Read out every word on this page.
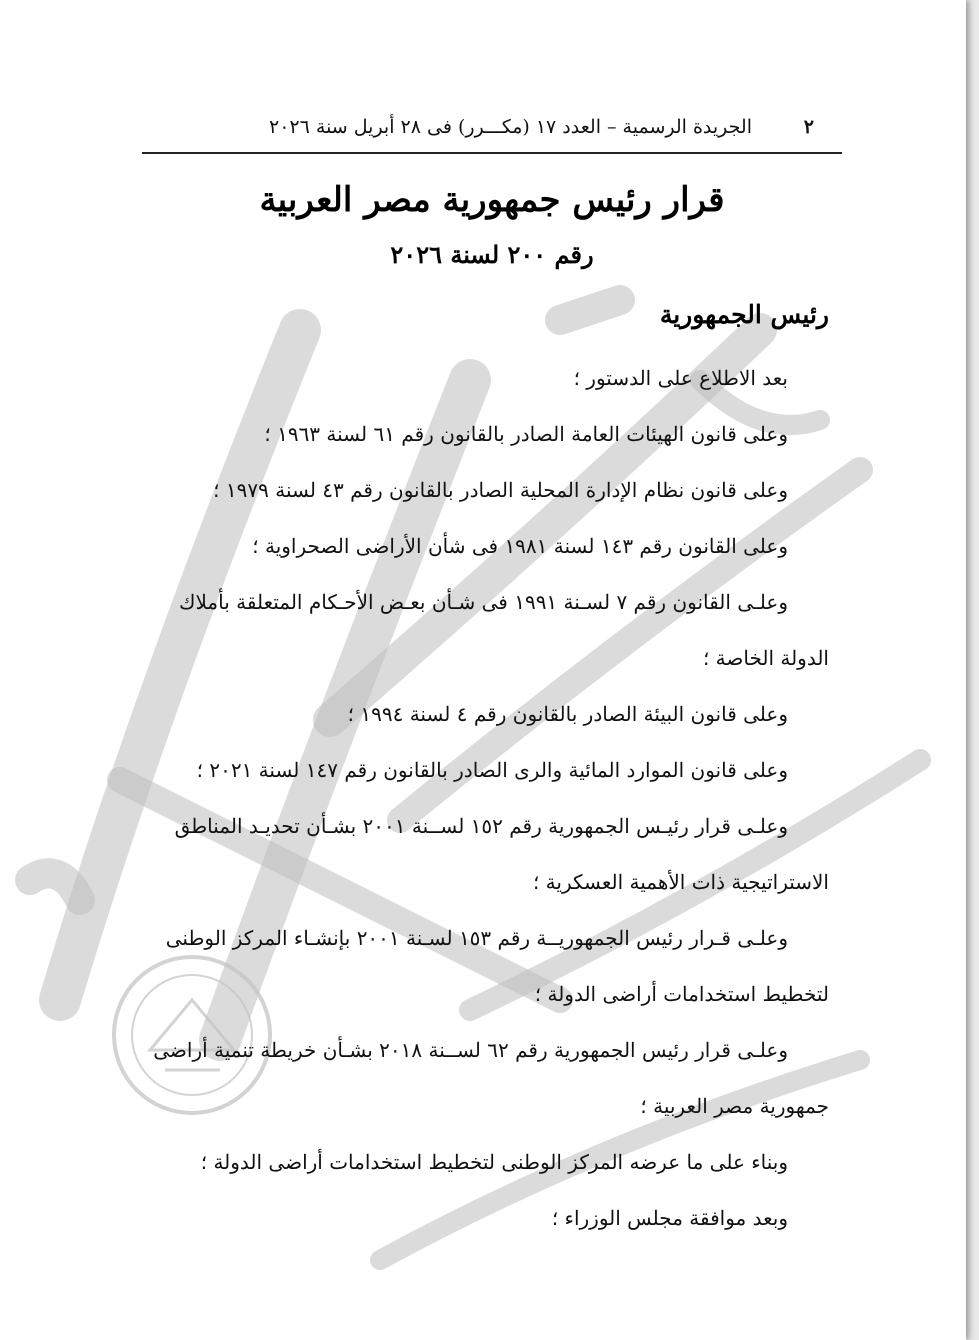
٢
الجريدة الرسمية – العدد ١٧ (مكـــرر) فى ٢٨ أبريل سنة ٢٠٢٦
قرار رئيس جمهورية مصر العربية
رقم ٢٠٠ لسنة ٢٠٢٦
رئيس الجمهورية
بعد الاطلاع على الدستور ؛
وعلى قانون الهيئات العامة الصادر بالقانون رقم ٦١ لسنة ١٩٦٣ ؛
وعلى قانون نظام الإدارة المحلية الصادر بالقانون رقم ٤٣ لسنة ١٩٧٩ ؛
وعلى القانون رقم ١٤٣ لسنة ١٩٨١ فى شأن الأراضى الصحراوية ؛
وعلـى القانون رقم ٧ لسـنة ١٩٩١ فى شـأن بعـض الأحـكام المتعلقة بأملاك
الدولة الخاصة ؛
وعلى قانون البيئة الصادر بالقانون رقم ٤ لسنة ١٩٩٤ ؛
وعلى قانون الموارد المائية والرى الصادر بالقانون رقم ١٤٧ لسنة ٢٠٢١ ؛
وعلـى قرار رئيـس الجمهورية رقم ١٥٢ لســنة ٢٠٠١ بشـأن تحديـد المناطق
الاستراتيجية ذات الأهمية العسكرية ؛
وعلـى قـرار رئيس الجمهوريــة رقم ١٥٣ لسـنة ٢٠٠١ بإنشـاء المركز الوطنى
لتخطيط استخدامات أراضى الدولة ؛
وعلـى قرار رئيس الجمهورية رقم ٦٢ لســنة ٢٠١٨ بشـأن خريطة تنمية أراضى
جمهورية مصر العربية ؛
وبناء على ما عرضه المركز الوطنى لتخطيط استخدامات أراضى الدولة ؛
وبعد موافقة مجلس الوزراء ؛
